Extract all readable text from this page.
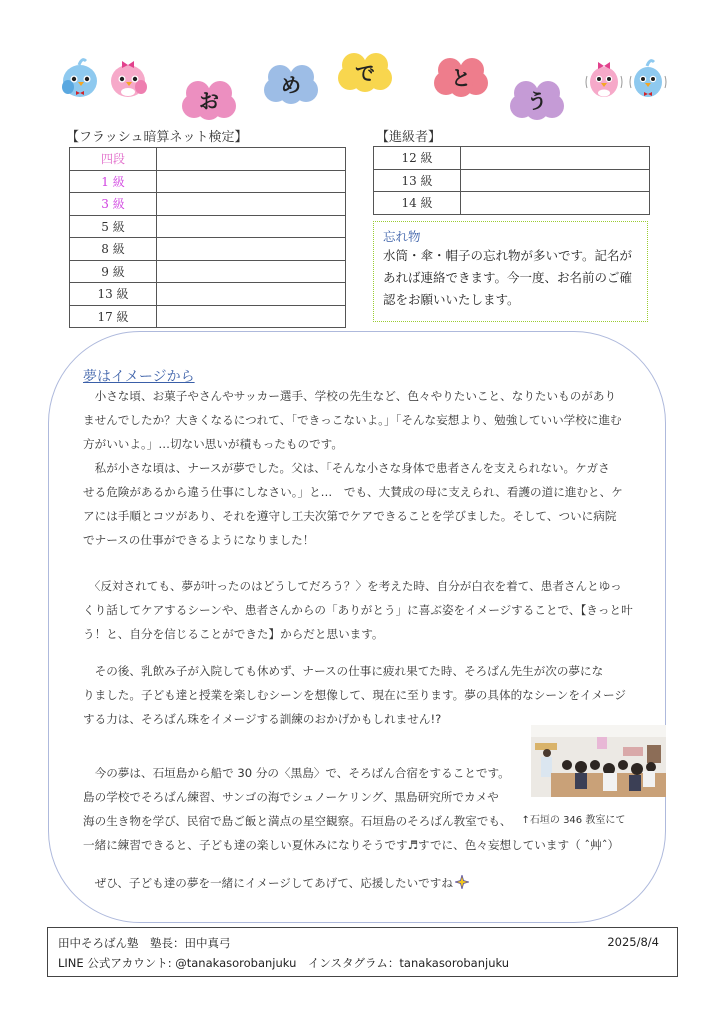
お
め	で	と
う
【フラッシュ暗算ネット検定】
四段	
1 級	
3 級	
5 級	
8 級	
9 級	
13 級	
17 級	
【進級者】
12 級	
13 級	
14 級	
忘れ物
水筒・傘・帽子の忘れ物が多いです。記名が
あれば連絡できます。今一度、お名前のご確
認をお願いいたします。
夢はイメージから
　小さな頃、お菓子やさんやサッカー選手、学校の先生など、色々やりたいこと、なりたいものがあり
ませんでしたか？大きくなるにつれて、「できっこないよ。」「そんな妄想より、勉強していい学校に進む
方がいいよ。」…切ない思いが積もったものです。
　私が小さな頃は、ナースが夢でした。父は、「そんな小さな身体で患者さんを支えられない。ケガさ
せる危険があるから違う仕事にしなさい。」と…　でも、大賛成の母に支えられ、看護の道に進むと、ケ
アには手順とコツがあり、それを遵守し工夫次第でケアできることを学びました。そして、ついに病院
でナースの仕事ができるようになりました！
　〈反対されても、夢が叶ったのはどうしてだろう？〉を考えた時、自分が白衣を着て、患者さんとゆっ
くり話してケアするシーンや、患者さんからの「ありがとう」に喜ぶ姿をイメージすることで、【きっと叶
う！と、自分を信じることができた】からだと思います。
　その後、乳飲み子が入院しても休めず、ナースの仕事に疲れ果てた時、そろばん先生が次の夢にな
りました。子ども達と授業を楽しむシーンを想像して、現在に至ります。夢の具体的なシーンをイメージ
する力は、そろばん珠をイメージする訓練のおかげかもしれません!?
　今の夢は、石垣島から船で 30 分の〈黒島〉で、そろばん合宿をすることです。
島の学校でそろばん練習、サンゴの海でシュノーケリング、黒島研究所でカメや
海の生き物を学び、民宿で島ご飯と満点の星空観察。石垣島のそろばん教室でも、 ↑石垣の 346 教室にて
一緒に練習できると、子ども達の楽しい夏休みになりそうです♬すでに、色々妄想しています（ ˆ艸ˆ）
　ぜひ、子ども達の夢を一緒にイメージしてあげて、応援したいですね
田中そろばん塾　塾長：田中真弓	2025/8/4
LINE 公式アカウント: @tanakasorobanjuku　インスタグラム：tanakasorobanjuku
